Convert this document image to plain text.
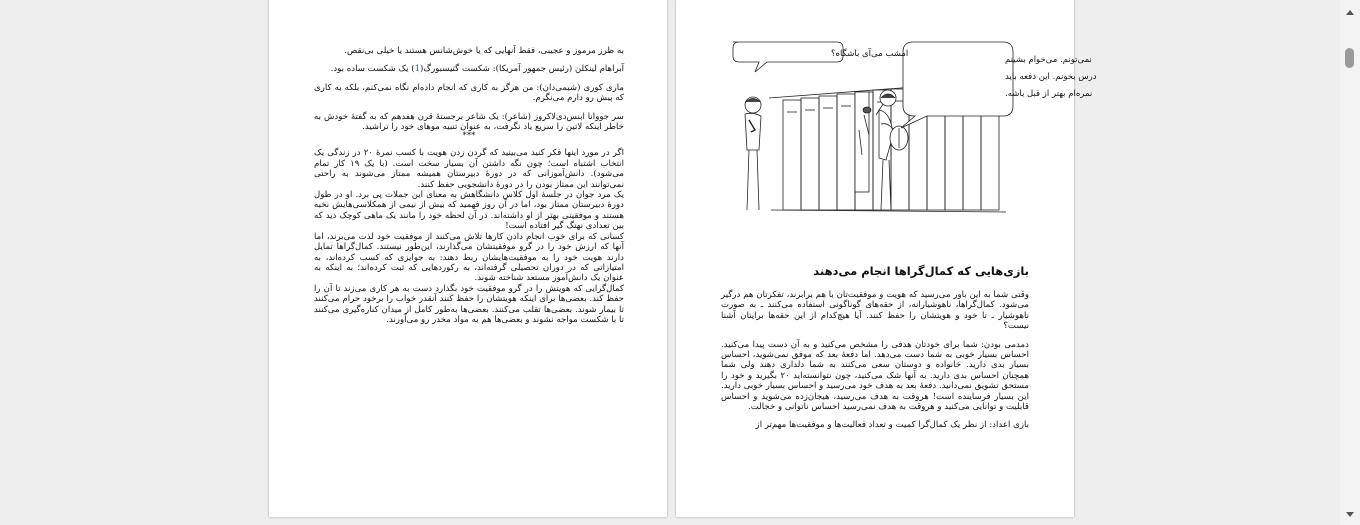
به طرز مرموز و عجیبی، فقط آنهایی که یا خوش‌شانس هستند یا خیلی بی‌نقص.

آبراهام لینکلن (رئیس جمهور آمریکا): شکست گتیسبورگ(1) یک شکست ساده بود.

ماری کوری (شیمی‌دان): من هرگز به کاری که انجام داده‌ام نگاه نمی‌کنم، بلکه به کاری که پیش رو دارم می‌نگرم.

سر جووانا ابنس‌دی‌لاکروز (شاعر): یک شاعر برجستهٔ قرن هفدهم که به گفتهٔ خودش به خاطر اینکه لاتین را سریع یاد نگرفت، به عنوان تنبیه موهای خود را تراشید.

***

اگر در مورد اینها فکر کنید می‌بینید که گردن زدن هویت با کسب نمرهٔ ۲۰ در زندگی یک انتخاب اشتباه است؛ چون نگه داشتن آن بسیار سخت است. (با یک ۱۹ کار تمام می‌شود). دانش‌آموزانی که در دورهٔ دبیرستان همیشه ممتاز می‌شوند به راحتی نمی‌توانند این ممتاز بودن را در دورهٔ دانشجویی حفظ کنند.

یک مرد جوان در جلسهٔ اول کلاس دانشگاهش به معنای این جملات پی برد. او در طول دورهٔ دبیرستان ممتاز بود، اما در آن روز فهمید که بیش از نیمی از همکلاسی‌هایش نخبه هستند و موفقیتی بهتر از او داشته‌اند. در آن لحظه خود را مانند یک ماهی کوچک دید که بین تعدادی نهنگ گیر افتاده است!

کسانی که برای خوب انجام دادن کارها تلاش می‌کنند از موفقیت خود لذت می‌برند، اما آنها که ارزش خود را در گرو موفقیتشان می‌گذارند، این‌طور نیستند. کمال‌گراها تمایل دارند هویت خود را به موفقیت‌هایشان ربط دهند: به جوایزی که کسب کرده‌اند، به امتیازاتی که در دوران تحصیلی گرفته‌اند، به رکوردهایی که ثبت کرده‌اند؛ به اینکه به عنوان یک دانش‌آموز مستعد شناخته شوند.

کمال‌گرایی که هویتش را در گرو موفقیت خود بگذارد دست به هر کاری می‌زند تا آن را حفظ کند. بعضی‌ها برای اینکه هویتشان را حفظ کنند آنقدر خواب را برخود حرام می‌کنند تا بیمار شوند. بعضی‌ها تقلب می‌کنند. بعضی‌ها به‌طور کامل از میدان کناره‌گیری می‌کنند تا با شکست مواجه نشوند و بعضی‌ها هم به مواد مخدر رو می‌آورند.

امشب می‌آی باشگاه؟
نمی‌تونم. می‌خوام بشینم
درس بخونم. این دفعه باید
نمره‌ام بهتر از قبل باشه.
بازی‌هایی که کمال‌گراها انجام می‌دهند

وقتی شما به این باور می‌رسید که هویت و موفقیت‌تان با هم برابرند، تفکرتان هم درگیر می‌شود. کمال‌گراها، ناهوشیارانه، از حقه‌های گوناگونی استفاده می‌کنند ـ به صورت ناهوشیار ـ تا خود و هویتشان را حفظ کنند. آیا هیچ‌کدام از این حقه‌ها برایتان آشنا نیست؟

دمدمی بودن: شما برای خودتان هدفی را مشخص می‌کنید و به آن دست پیدا می‌کنید. احساس بسیار خوبی به شما دست می‌دهد. اما دفعهٔ بعد که موفق نمی‌شوید، احساس بسیار بدی دارید. خانواده و دوستان سعی می‌کنند به شما دلداری دهند ولی شما همچنان احساس بدی دارید. به آنها شک می‌کنید، چون نتوانسته‌اید ۲۰ بگیرید و خود را مستحق تشویق نمی‌دانید. دفعهٔ بعد به هدف خود می‌رسید و احساس بسیار خوبی دارید. این بسیار فرساینده است! هروقت به هدف می‌رسید، هیجان‌زده می‌شوید و احساس قابلیت و توانایی می‌کنید و هروقت به هدف نمی‌رسید احساس ناتوانی و خجالت.

بازی اعداد: از نظر یک کمال‌گرا کمیت و تعداد فعالیت‌ها و موفقیت‌ها مهم‌تر از
